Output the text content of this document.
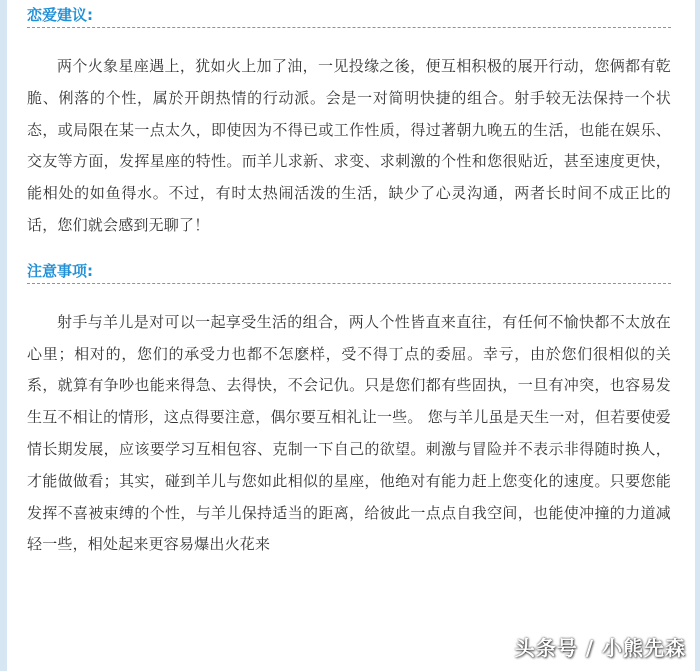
恋爱建议:

两个火象星座遇上，犹如火上加了油，一见投缘之後，便互相积极的展开行动，您俩都有乾脆、俐落的个性，属於开朗热情的行动派。会是一对简明快捷的组合。射手较无法保持一个状态，或局限在某一点太久，即使因为不得已或工作性质，得过著朝九晚五的生活，也能在娱乐、交友等方面，发挥星座的特性。而羊儿求新、求变、求刺激的个性和您很贴近，甚至速度更快，能相处的如鱼得水。不过，有时太热闹活泼的生活，缺少了心灵沟通，两者长时间不成正比的话，您们就会感到无聊了！

注意事项:

射手与羊儿是对可以一起享受生活的组合，两人个性皆直来直往，有任何不愉快都不太放在心里；相对的，您们的承受力也都不怎麽样，受不得丁点的委屈。幸亏，由於您们很相似的关系，就算有争吵也能来得急、去得快，不会记仇。只是您们都有些固执，一旦有冲突，也容易发生互不相让的情形，这点得要注意，偶尔要互相礼让一些。 您与羊儿虽是天生一对，但若要使爱情长期发展，应该要学习互相包容、克制一下自己的欲望。刺激与冒险并不表示非得随时换人，才能做做看；其实，碰到羊儿与您如此相似的星座，他绝对有能力赶上您变化的速度。只要您能发挥不喜被束缚的个性，与羊儿保持适当的距离，给彼此一点点自我空间，也能使冲撞的力道减轻一些，相处起来更容易爆出火花来

头条号 / 小熊先森
